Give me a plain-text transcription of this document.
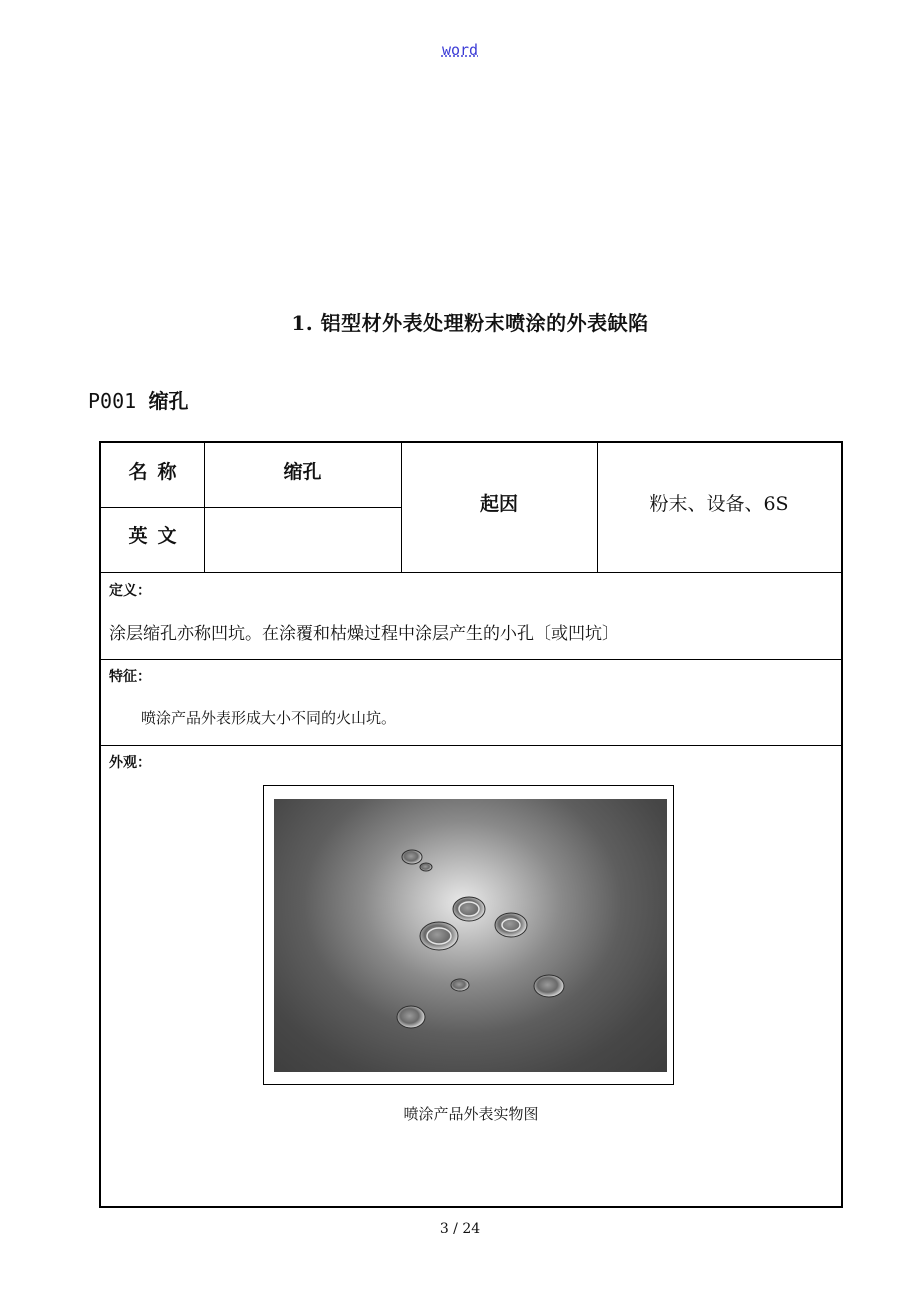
word
1. 铝型材外表处理粉末喷涂的外表缺陷
P001 缩孔
名称	缩孔
英文
起因	粉末、设备、6S
定义：
涂层缩孔亦称凹坑。在涂覆和枯燥过程中涂层产生的小孔〔或凹坑〕
特征：
喷涂产品外表形成大小不同的火山坑。
外观：
喷涂产品外表实物图
3 / 24
